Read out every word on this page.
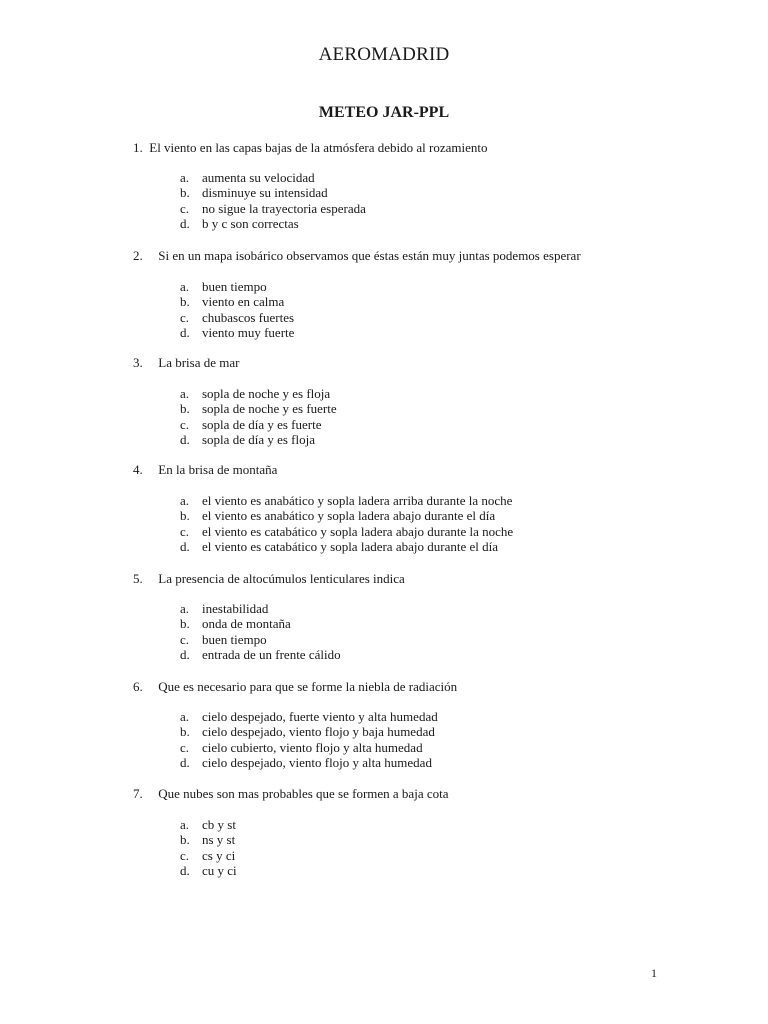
AEROMADRID
METEO JAR-PPL
1. El viento en las capas bajas de la atmósfera debido al rozamiento
a. aumenta su velocidad
b. disminuye su intensidad
c. no sigue la trayectoria esperada
d. b y c son correctas
2. Si en un mapa isobárico observamos que éstas están muy juntas podemos esperar
a. buen tiempo
b. viento en calma
c. chubascos fuertes
d. viento muy fuerte
3. La brisa de mar
a. sopla de noche y es floja
b. sopla de noche y es fuerte
c. sopla de día y es fuerte
d. sopla de día y es floja
4. En la brisa de montaña
a. el viento es anabático y sopla ladera arriba durante la noche
b. el viento es anabático y sopla ladera abajo durante el día
c. el viento es catabático y sopla ladera abajo durante la noche
d. el viento es catabático y sopla ladera abajo durante el día
5. La presencia de altocúmulos lenticulares indica
a. inestabilidad
b. onda de montaña
c. buen tiempo
d. entrada de un frente cálido
6. Que es necesario para que se forme la niebla de radiación
a. cielo despejado, fuerte viento y alta humedad
b. cielo despejado, viento flojo y baja humedad
c. cielo cubierto, viento flojo y alta humedad
d. cielo despejado, viento flojo y alta humedad
7. Que nubes son mas probables que se formen a baja cota
a. cb y st
b. ns y st
c. cs y ci
d. cu y ci
1
